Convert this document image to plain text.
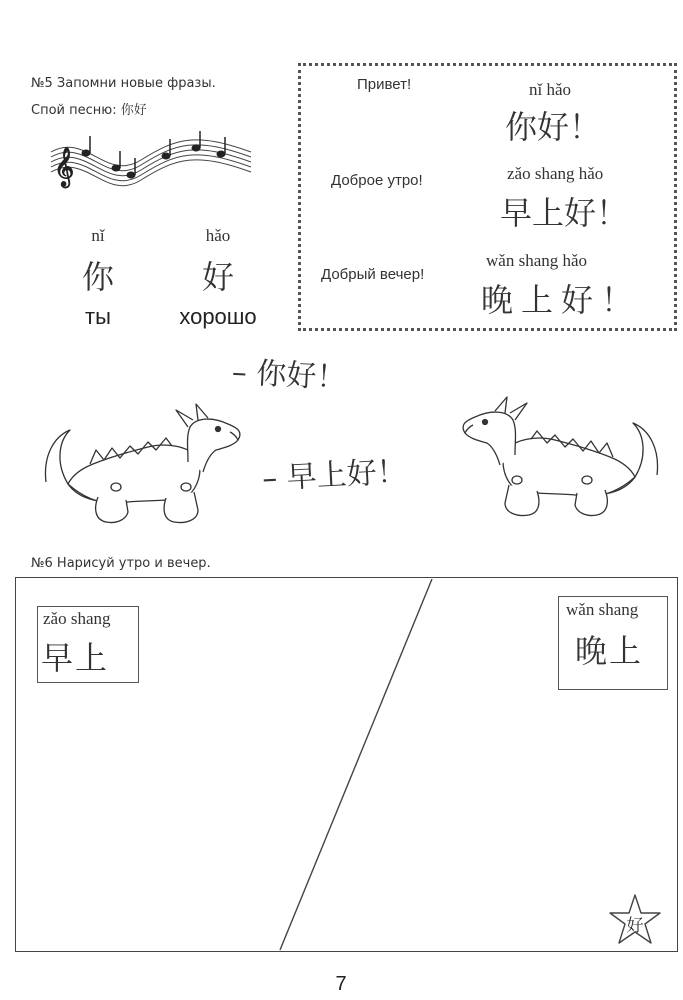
№5 Запомни новые фразы.
Спой песню: 你好
𝄞
nǐ
你
ты
hǎo
好
хорошо
Привет!	nǐ hǎo
你好！
Доброе утро!	zǎo shang hǎo
早上好！
Добрый вечер!
wǎn shang hǎo
晚上好！
– 你好！
– 早上好！
№6 Нарисуй утро и вечер.
zǎo shang
早上
wǎn shang
晚上
好
7
